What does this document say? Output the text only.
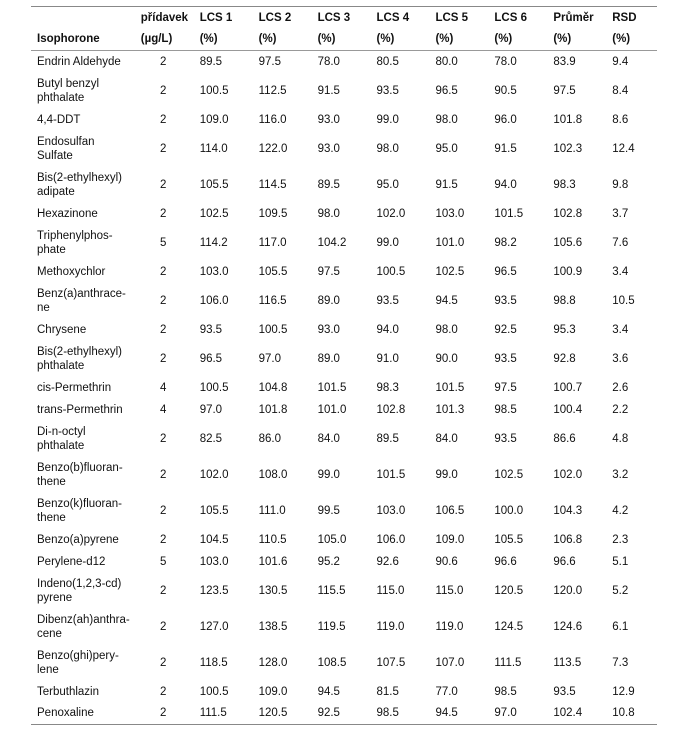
	přídavek	LCS 1	LCS 2	LCS 3	LCS 4	LCS 5	LCS 6	Průměr	RSD
Isophorone	(µg/L)	(%)	(%)	(%)	(%)	(%)	(%)	(%)	(%)

Endrin Aldehyde	2	89.5	97.5	78.0	80.5	80.0	78.0	83.9	9.4

Butyl benzyl
phthalate	2	100.5	112.5	91.5	93.5	96.5	90.5	97.5	8.4

4,4-DDT	2	109.0	116.0	93.0	99.0	98.0	96.0	101.8	8.6

Endosulfan
Sulfate	2	114.0	122.0	93.0	98.0	95.0	91.5	102.3	12.4

Bis(2-ethylhexyl)
adipate	2	105.5	114.5	89.5	95.0	91.5	94.0	98.3	9.8

Hexazinone	2	102.5	109.5	98.0	102.0	103.0	101.5	102.8	3.7

Triphenylphos-
phate	5	114.2	117.0	104.2	99.0	101.0	98.2	105.6	7.6

Methoxychlor	2	103.0	105.5	97.5	100.5	102.5	96.5	100.9	3.4

Benz(a)anthrace-
ne	2	106.0	116.5	89.0	93.5	94.5	93.5	98.8	10.5

Chrysene	2	93.5	100.5	93.0	94.0	98.0	92.5	95.3	3.4

Bis(2-ethylhexyl)
phthalate	2	96.5	97.0	89.0	91.0	90.0	93.5	92.8	3.6

cis-Permethrin	4	100.5	104.8	101.5	98.3	101.5	97.5	100.7	2.6

trans-Permethrin	4	97.0	101.8	101.0	102.8	101.3	98.5	100.4	2.2

Di-n-octyl
phthalate	2	82.5	86.0	84.0	89.5	84.0	93.5	86.6	4.8

Benzo(b)fluoran-
thene	2	102.0	108.0	99.0	101.5	99.0	102.5	102.0	3.2

Benzo(k)fluoran-
thene	2	105.5	111.0	99.5	103.0	106.5	100.0	104.3	4.2

Benzo(a)pyrene	2	104.5	110.5	105.0	106.0	109.0	105.5	106.8	2.3

Perylene-d12	5	103.0	101.6	95.2	92.6	90.6	96.6	96.6	5.1

Indeno(1,2,3-cd)
pyrene	2	123.5	130.5	115.5	115.0	115.0	120.5	120.0	5.2

Dibenz(ah)anthra-
cene	2	127.0	138.5	119.5	119.0	119.0	124.5	124.6	6.1

Benzo(ghi)pery-
lene	2	118.5	128.0	108.5	107.5	107.0	111.5	113.5	7.3

Terbuthlazin	2	100.5	109.0	94.5	81.5	77.0	98.5	93.5	12.9

Penoxaline	2	111.5	120.5	92.5	98.5	94.5	97.0	102.4	10.8
